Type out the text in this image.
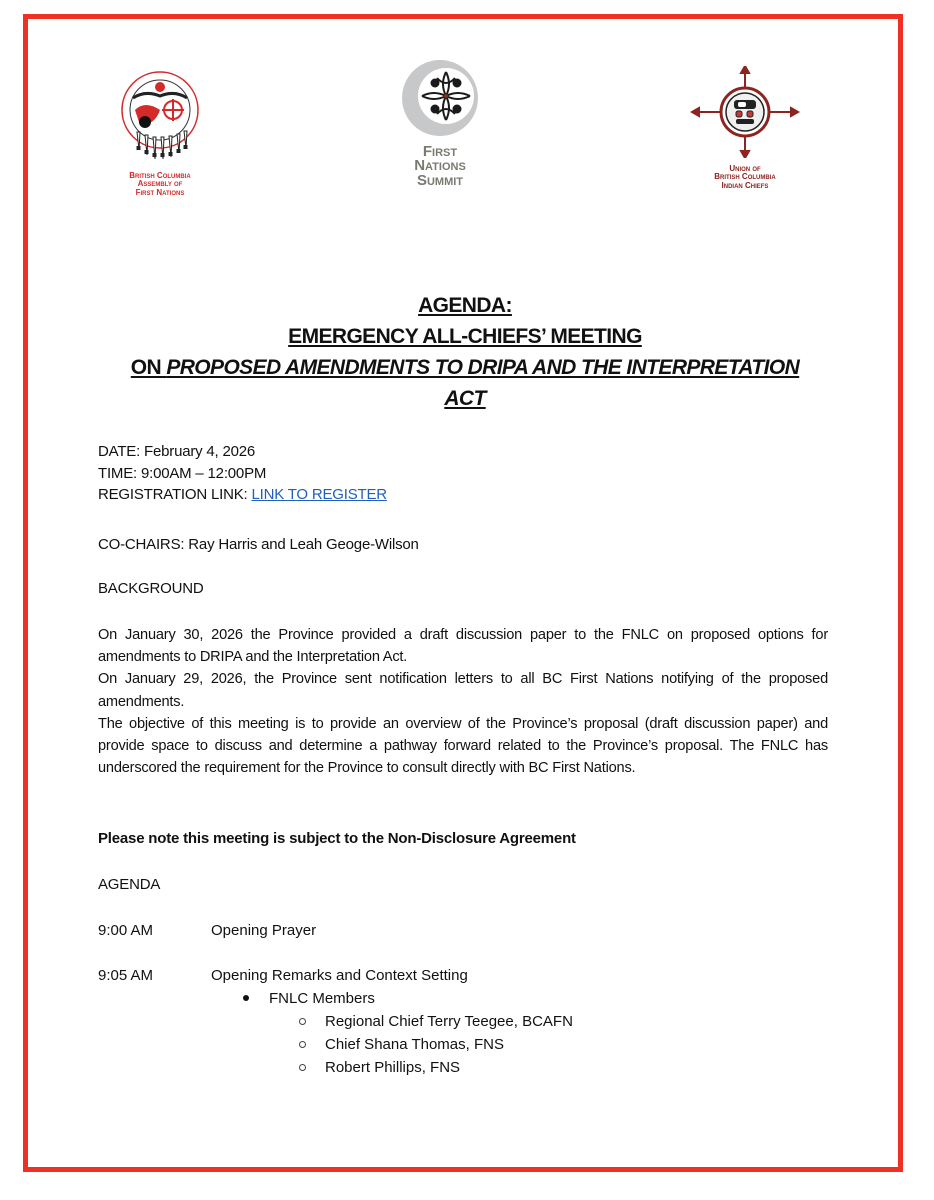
British Columbia
Assembly of
First Nations
First
Nations
Summit
Union of
British Columbia
Indian Chiefs
AGENDA:
EMERGENCY ALL-CHIEFS’ MEETING
ON PROPOSED AMENDMENTS TO DRIPA AND THE INTERPRETATION
ACT
DATE: February 4, 2026
TIME: 9:00AM – 12:00PM
REGISTRATION LINK: LINK TO REGISTER
CO-CHAIRS: Ray Harris and Leah Geoge-Wilson
BACKGROUND
On January 30, 2026 the Province provided a draft discussion paper to the FNLC on proposed options for amendments to DRIPA and the Interpretation Act.
On January 29, 2026, the Province sent notification letters to all BC First Nations notifying of the proposed amendments.
The objective of this meeting is to provide an overview of the Province’s proposal (draft discussion paper) and provide space to discuss and determine a pathway forward related to the Province’s proposal. The FNLC has underscored the requirement for the Province to consult directly with BC First Nations.
Please note this meeting is subject to the Non-Disclosure Agreement
AGENDA
9:00 AM	Opening Prayer
9:05 AM	Opening Remarks and Context Setting
FNLC Members
Regional Chief Terry Teegee, BCAFN
Chief Shana Thomas, FNS
Robert Phillips, FNS
